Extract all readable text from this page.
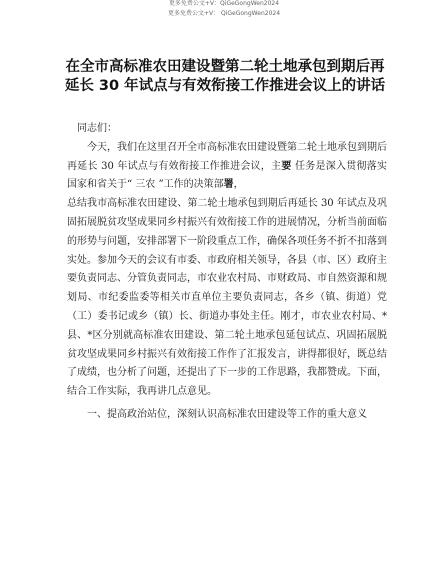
更多免费公文+V：QiGeGongWen2024
更多免费公文+V： QiGeGongWen2024
在全市高标准农田建设暨第二轮土地承包到期后再延长 30 年试点与有效衔接工作推进会议上的讲话

同志们：

今天，我们在这里召开全市高标准农田建设暨第二轮土地承包到期后再延长 30 年试点与有效衔接工作推进会议，主要 任务是深入贯彻落实国家和省关于“ 三农 ”工作的决策部署，

总结我市高标准农田建设、第二轮土地承包到期后再延长 30 年试点及巩固拓展脱贫攻坚成果同乡村振兴有效衔接工作的进展情况，分析当前面临的形势与问题，安排部署下一阶段重点工作，确保各项任务不折不扣落到实处。参加今天的会议有市委、市政府相关领导，各县（市、区）政府主要负责同志、分管负责同志，市农业农村局、市财政局、市自然资源和规划局、市纪委监委等相关市直单位主要负责同志，各乡（镇、街道）党（工）委书记或乡（镇）长、街道办事处主任。刚才，市农业农村局、*县、*区分别就高标准农田建设、第二轮土地承包延包试点、巩固拓展脱贫攻坚成果同乡村振兴有效衔接工作作了汇报发言，讲得都很好，既总结了成绩，也分析了问题，还提出了下一步的工作思路，我都赞成。下面，结合工作实际，我再讲几点意见。

一、提高政治站位，深刻认识高标准农田建设等工作的重大意义
